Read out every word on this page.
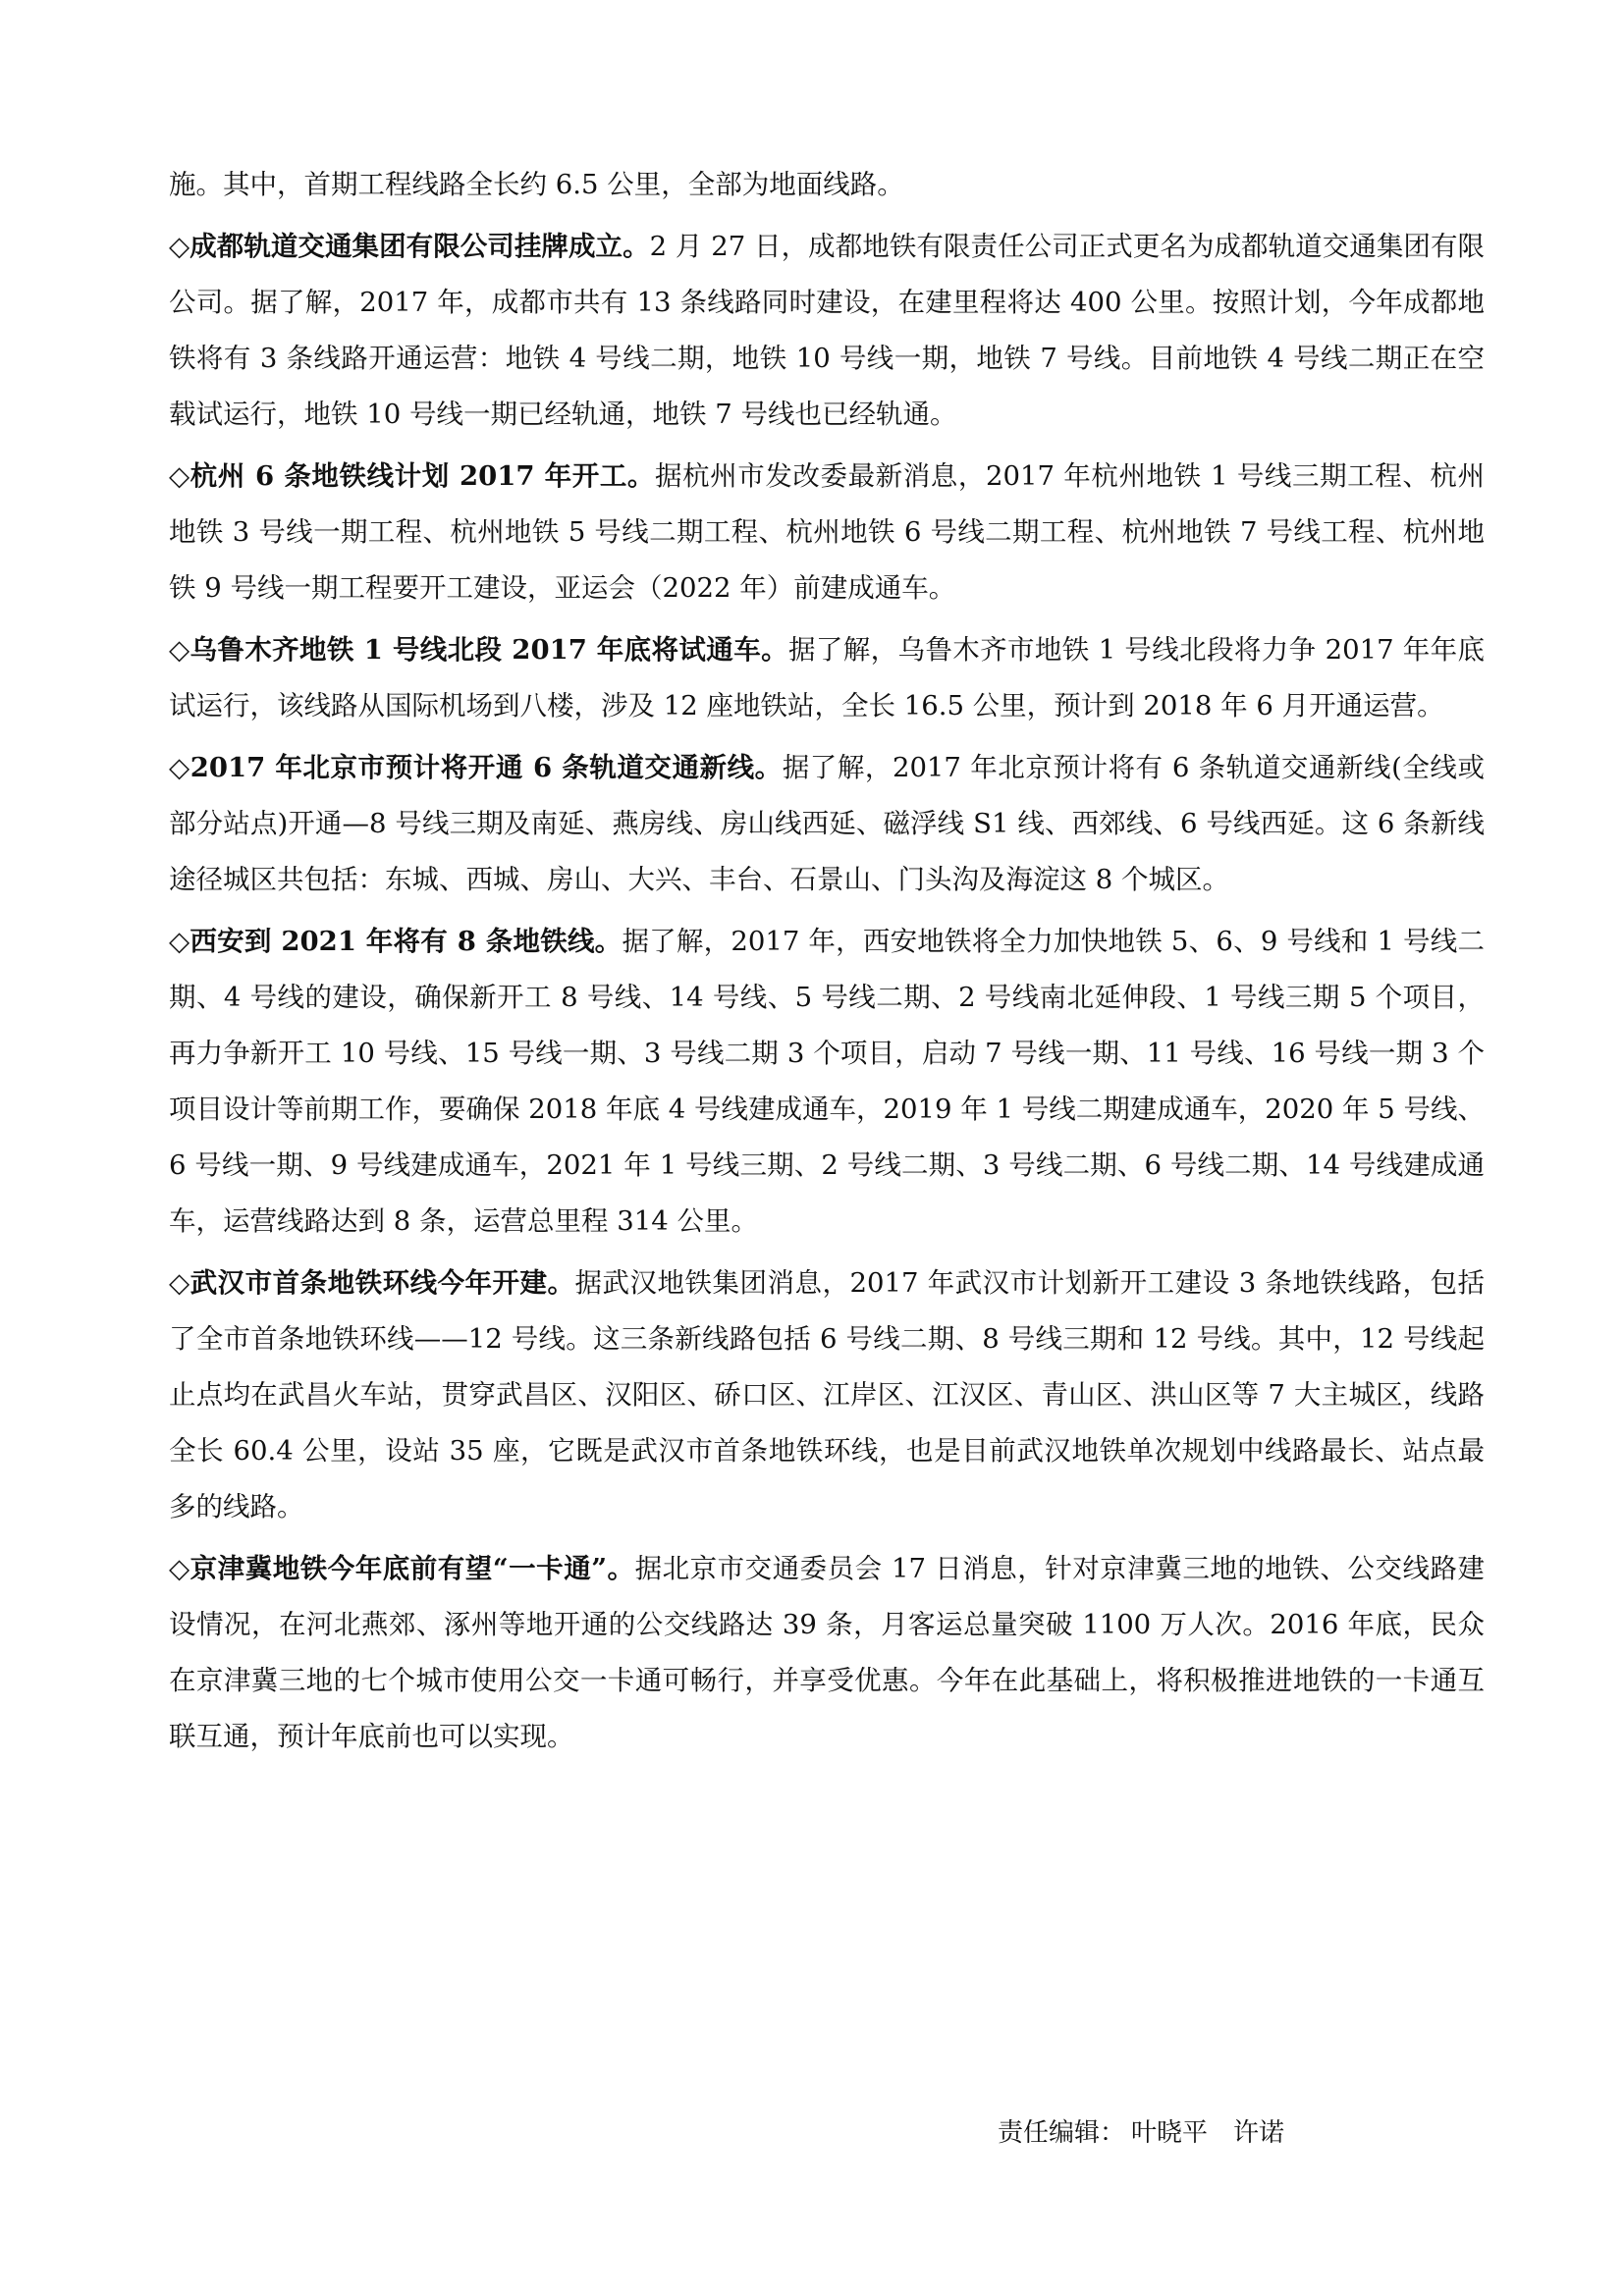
施。其中，首期工程线路全长约 6.5 公里，全部为地面线路。

◇成都轨道交通集团有限公司挂牌成立。2 月 27 日，成都地铁有限责任公司正式更名为成都轨道交通集团有限公司。据了解，2017 年，成都市共有 13 条线路同时建设，在建里程将达 400 公里。按照计划，今年成都地铁将有 3 条线路开通运营：地铁 4 号线二期，地铁 10 号线一期，地铁 7 号线。目前地铁 4 号线二期正在空载试运行，地铁 10 号线一期已经轨通，地铁 7 号线也已经轨通。

◇杭州 6 条地铁线计划 2017 年开工。据杭州市发改委最新消息，2017 年杭州地铁 1 号线三期工程、杭州地铁 3 号线一期工程、杭州地铁 5 号线二期工程、杭州地铁 6 号线二期工程、杭州地铁 7 号线工程、杭州地铁 9 号线一期工程要开工建设，亚运会（2022 年）前建成通车。

◇乌鲁木齐地铁 1 号线北段 2017 年底将试通车。据了解，乌鲁木齐市地铁 1 号线北段将力争 2017 年年底试运行，该线路从国际机场到八楼，涉及 12 座地铁站，全长 16.5 公里，预计到 2018 年 6 月开通运营。

◇2017 年北京市预计将开通 6 条轨道交通新线。据了解，2017 年北京预计将有 6 条轨道交通新线(全线或部分站点)开通—8 号线三期及南延、燕房线、房山线西延、磁浮线 S1 线、西郊线、6 号线西延。这 6 条新线途径城区共包括：东城、西城、房山、大兴、丰台、石景山、门头沟及海淀这 8 个城区。

◇西安到 2021 年将有 8 条地铁线。据了解，2017 年，西安地铁将全力加快地铁 5、6、9 号线和 1 号线二期、4 号线的建设，确保新开工 8 号线、14 号线、5 号线二期、2 号线南北延伸段、1 号线三期 5 个项目，再力争新开工 10 号线、15 号线一期、3 号线二期 3 个项目，启动 7 号线一期、11 号线、16 号线一期 3 个项目设计等前期工作，要确保 2018 年底 4 号线建成通车，2019 年 1 号线二期建成通车，2020 年 5 号线、6 号线一期、9 号线建成通车，2021 年 1 号线三期、2 号线二期、3 号线二期、6 号线二期、14 号线建成通车，运营线路达到 8 条，运营总里程 314 公里。

◇武汉市首条地铁环线今年开建。据武汉地铁集团消息，2017 年武汉市计划新开工建设 3 条地铁线路，包括了全市首条地铁环线——12 号线。这三条新线路包括 6 号线二期、8 号线三期和 12 号线。其中，12 号线起止点均在武昌火车站，贯穿武昌区、汉阳区、硚口区、江岸区、江汉区、青山区、洪山区等 7 大主城区，线路全长 60.4 公里，设站 35 座，它既是武汉市首条地铁环线，也是目前武汉地铁单次规划中线路最长、站点最多的线路。

◇京津冀地铁今年底前有望“一卡通”。据北京市交通委员会 17 日消息，针对京津冀三地的地铁、公交线路建设情况，在河北燕郊、涿州等地开通的公交线路达 39 条，月客运总量突破 1100 万人次。2016 年底，民众在京津冀三地的七个城市使用公交一卡通可畅行，并享受优惠。今年在此基础上，将积极推进地铁的一卡通互联互通，预计年底前也可以实现。

责任编辑： 叶晓平　许诺
